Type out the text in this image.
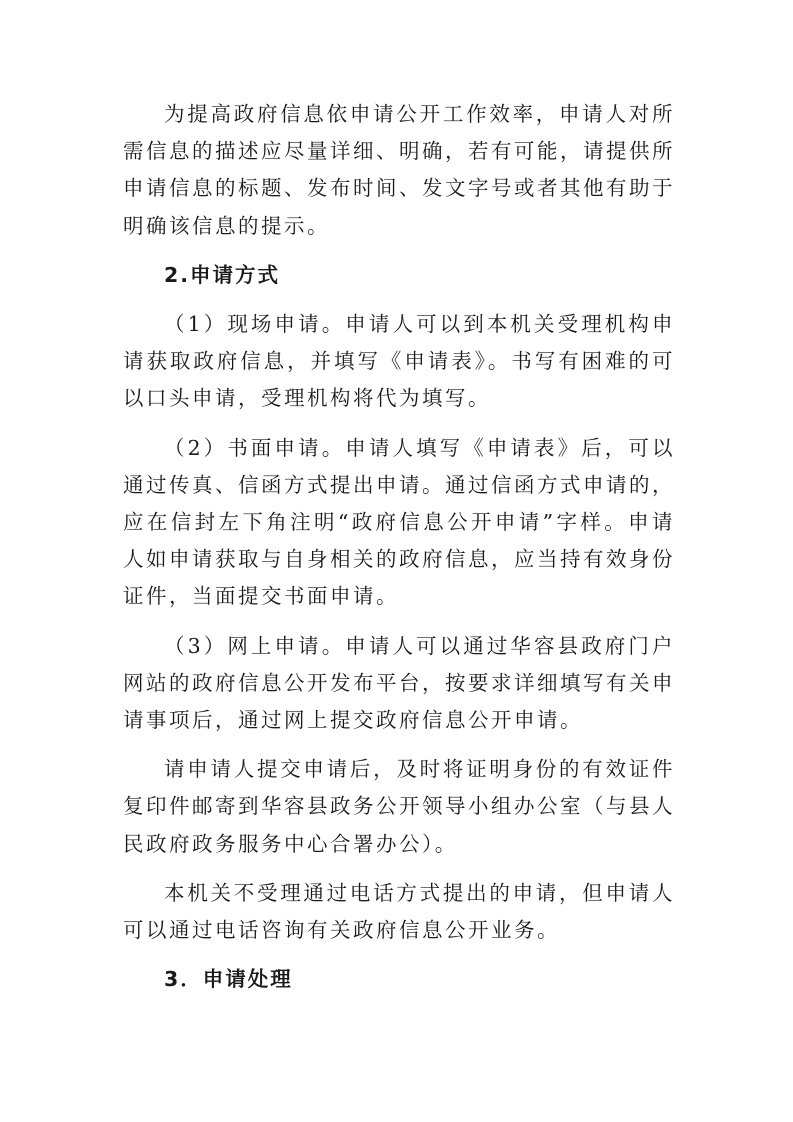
为提高政府信息依申请公开工作效率，申请人对所需信息的描述应尽量详细、明确，若有可能，请提供所申请信息的标题、发布时间、发文字号或者其他有助于明确该信息的提示。

2.申请方式

（1）现场申请。申请人可以到本机关受理机构申请获取政府信息，并填写《申请表》。书写有困难的可以口头申请，受理机构将代为填写。

（2）书面申请。申请人填写《申请表》后，可以通过传真、信函方式提出申请。通过信函方式申请的，应在信封左下角注明“政府信息公开申请”字样。申请人如申请获取与自身相关的政府信息，应当持有效身份证件，当面提交书面申请。

（3）网上申请。申请人可以通过华容县政府门户网站的政府信息公开发布平台，按要求详细填写有关申请事项后，通过网上提交政府信息公开申请。

请申请人提交申请后，及时将证明身份的有效证件复印件邮寄到华容县政务公开领导小组办公室（与县人民政府政务服务中心合署办公）。

本机关不受理通过电话方式提出的申请，但申请人可以通过电话咨询有关政府信息公开业务。

3．申请处理
